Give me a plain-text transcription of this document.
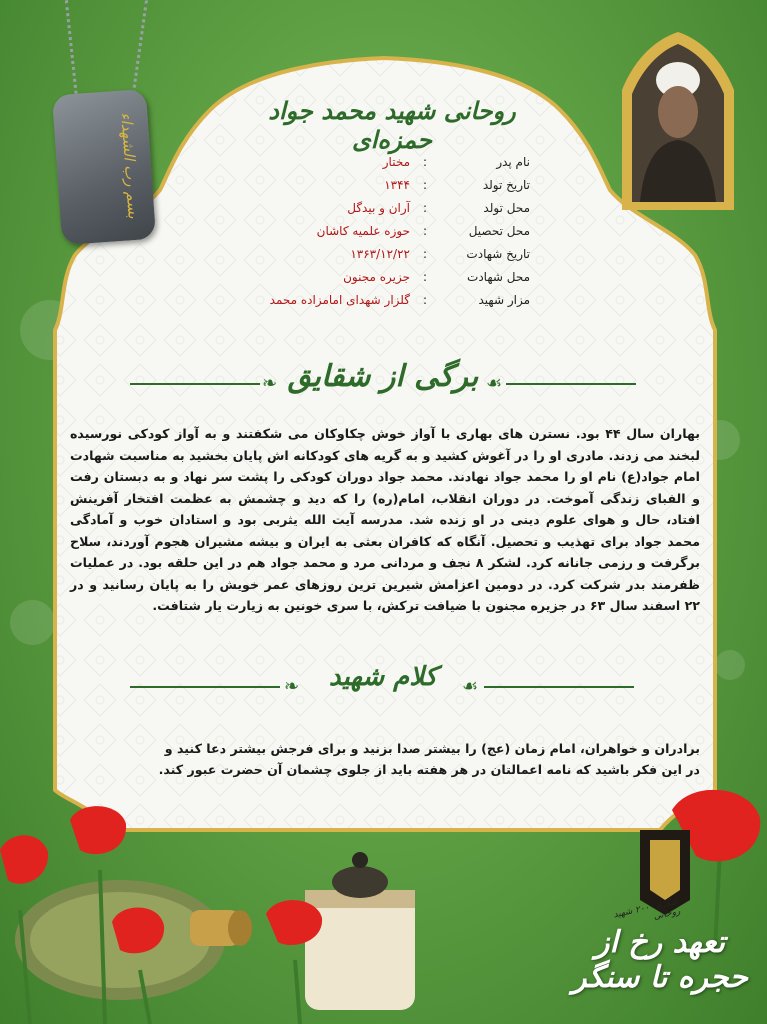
بسم رب الشهداء
روحانی شهید محمد جواد حمزه‌ای
نام پدر
:
مختار
تاریخ تولد
:
۱۳۴۴
محل تولد
:
آران و بیدگل
محل تحصیل
:
حوزه علمیه کاشان
تاریخ شهادت
:
۱۳۶۳/۱۲/۲۲
محل شهادت
:
جزیره مجنون
مزار شهید
:
گلزار شهدای امامزاده محمد
❧ برگی از شقایق ☙
بهاران سال ۴۴ بود. نسترن های بهاری با آواز خوش چکاوکان می شکفتند و به آواز کودکی نورسیده لبخند می زدند. مادری او را در آغوش کشید و به گریه های کودکانه اش پایان بخشید به مناسبت شهادت امام جواد(ع) نام او را محمد جواد نهادند. محمد جواد دوران کودکی را پشت سر نهاد و به دبستان رفت و الفبای زندگی آموخت. در دوران انقلاب، امام(ره) را که دید و چشمش به عظمت افتخار آفرینش افتاد، حال و هوای علوم دینی در او زنده شد. مدرسه آیت الله یثربی بود و استادان خوب و آمادگی محمد جواد برای تهذیب و تحصیل. آنگاه که کافران بعثی به ایران و بیشه مشیران هجوم آوردند، سلاح برگرفت و رزمی جانانه کرد. لشکر ۸ نجف و مردانی مرد و محمد جواد هم در این حلقه بود. در عملیات ظفرمند بدر شرکت کرد. در دومین اعزامش شیرین ترین روزهای عمر خویش را به پایان رسانید و در ۲۲ اسفند سال ۶۳ در جزیره مجنون با ضیافت ترکش، با سری خونین به زیارت یار شتافت.
❧	کلام شهید	☙
برادران و خواهران، امام زمان (عج) را بیشتر صدا بزنید و برای فرجش بیشتر دعا کنید و در این فکر باشید که نامه اعمالتان در هر هفته باید از جلوی چشمان آن حضرت عبور کند.
کنگره ۲۰۰۰ شهید روحانی
تعهد رخ از حجره تا سنگر
